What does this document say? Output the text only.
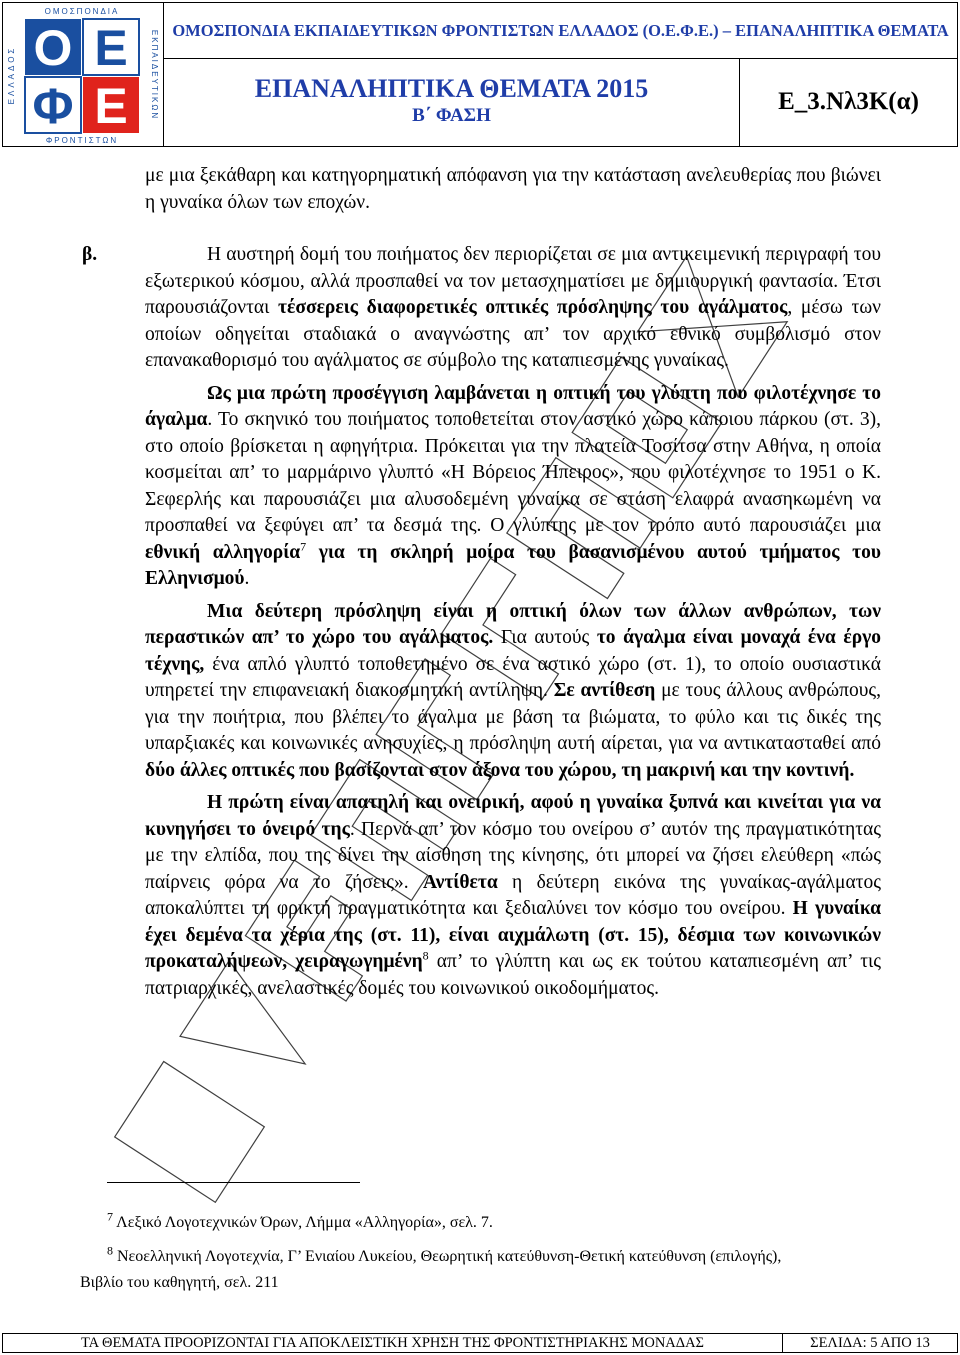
Ο Ε
Φ Ε
ΟΜΟΣΠΟΝΔΙΑ
ΦΡΟΝΤΙΣΤΩΝ
ΕΛΛΑΔΟΣ	ΕΚΠΑΙΔΕΥΤΙΚΩΝ ΟΜΟΣΠΟΝΔΙΑ ΕΚΠΑΙΔΕΥΤΙΚΩΝ ΦΡΟΝΤΙΣΤΩΝ ΕΛΛΑΔΟΣ (Ο.Ε.Φ.Ε.) – ΕΠΑΝΑΛΗΠΤΙΚΑ ΘΕΜΑΤΑ
ΕΠΑΝΑΛΗΠΤΙΚΑ ΘΕΜΑΤΑ 2015
Β΄ ΦΑΣΗ
Ε_3.Νλ3Κ(α)

με μια ξεκάθαρη και κατηγορηματική απόφανση για την κατάσταση ανελευθερίας που βιώνει η γυναίκα όλων των εποχών.

β.	Η αυστηρή δομή του ποιήματος δεν περιορίζεται σε μια αντικειμενική περιγραφή του εξωτερικού κόσμου, αλλά προσπαθεί να τον μετασχηματίσει με δημιουργική φαντασία. Έτσι παρουσιάζονται τέσσερεις διαφορετικές οπτικές πρόσληψης του αγάλματος, μέσω των οποίων οδηγείται σταδιακά ο αναγνώστης απ’ τον αρχικό εθνικό συμβολισμό στον επανακαθορισμό του αγάλματος σε σύμβολο της καταπιεσμένης γυναίκας.

Ως μια πρώτη προσέγγιση λαμβάνεται η οπτική του γλύπτη που φιλοτέχνησε το άγαλμα. Το σκηνικό του ποιήματος τοποθετείται στον αστικό χώρο κάποιου πάρκου (στ. 3), στο οποίο βρίσκεται η αφηγήτρια. Πρόκειται για την πλατεία Τοσίτσα στην Αθήνα, η οποία κοσμείται απ’ το μαρμάρινο γλυπτό «Η Βόρειος Ήπειρος», που φιλοτέχνησε το 1951 ο Κ. Σεφερλής και παρουσιάζει μια αλυσοδεμένη γυναίκα σε στάση ελαφρά ανασηκωμένη να προσπαθεί να ξεφύγει απ’ τα δεσμά της. Ο γλύπτης με τον τρόπο αυτό παρουσιάζει μια εθνική αλληγορία$^7$ για τη σκληρή μοίρα του βασανισμένου αυτού τμήματος του Ελληνισμού.

Μια δεύτερη πρόσληψη είναι η οπτική όλων των άλλων ανθρώπων, των περαστικών απ’ το χώρο του αγάλματος. Για αυτούς το άγαλμα είναι μοναχά ένα έργο τέχνης, ένα απλό γλυπτό τοποθετημένο σε ένα αστικό χώρο (στ. 1), το οποίο ουσιαστικά υπηρετεί την επιφανειακή διακοσμητική αντίληψη. Σε αντίθεση με τους άλλους ανθρώπους, για την ποιήτρια, που βλέπει το άγαλμα με βάση τα βιώματα, το φύλο και τις δικές της υπαρξιακές και κοινωνικές ανησυχίες, η πρόσληψη αυτή αίρεται, για να αντικατασταθεί από δύο άλλες οπτικές που βασίζονται στον άξονα του χώρου, τη μακρινή και την κοντινή.

Η πρώτη είναι απατηλή και ονειρική, αφού η γυναίκα ξυπνά και κινείται για να κυνηγήσει το όνειρό της. Περνά απ’ τον κόσμο του ονείρου σ’ αυτόν της πραγματικότητας με την ελπίδα, που της δίνει την αίσθηση της κίνησης, ότι μπορεί να ζήσει ελεύθερη «πώς παίρνεις φόρα να το ζήσεις». Αντίθετα η δεύτερη εικόνα της γυναίκας-αγάλματος αποκαλύπτει τη φρικτή πραγματικότητα και ξεδιαλύνει τον κόσμο του ονείρου. Η γυναίκα έχει δεμένα τα χέρια της (στ. 11), είναι αιχμάλωτη (στ. 15), δέσμια των κοινωνικών προκαταλήψεων, χειραγωγημένη$^8$ απ’ το γλύπτη και ως εκ τούτου καταπιεσμένη απ’ τις πατριαρχικές, ανελαστικές δομές του κοινωνικού οικοδομήματος.

$^7$ Λεξικό Λογοτεχνικών Όρων, Λήμμα «Αλληγορία», σελ. 7.
$^8$ Νεοελληνική Λογοτεχνία, Γ’ Ενιαίου Λυκείου, Θεωρητική κατεύθυνση-Θετική κατεύθυνση (επιλογής),
Βιβλίο του καθηγητή, σελ. 211
ΤΑ ΘΕΜΑΤΑ ΠΡΟΟΡΙΖΟΝΤΑΙ ΓΙΑ ΑΠΟΚΛΕΙΣΤΙΚΗ ΧΡΗΣΗ ΤΗΣ ΦΡΟΝΤΙΣΤΗΡΙΑΚΗΣ ΜΟΝΑΔΑΣ	ΣΕΛΙΔΑ: 5 ΑΠΟ 13
